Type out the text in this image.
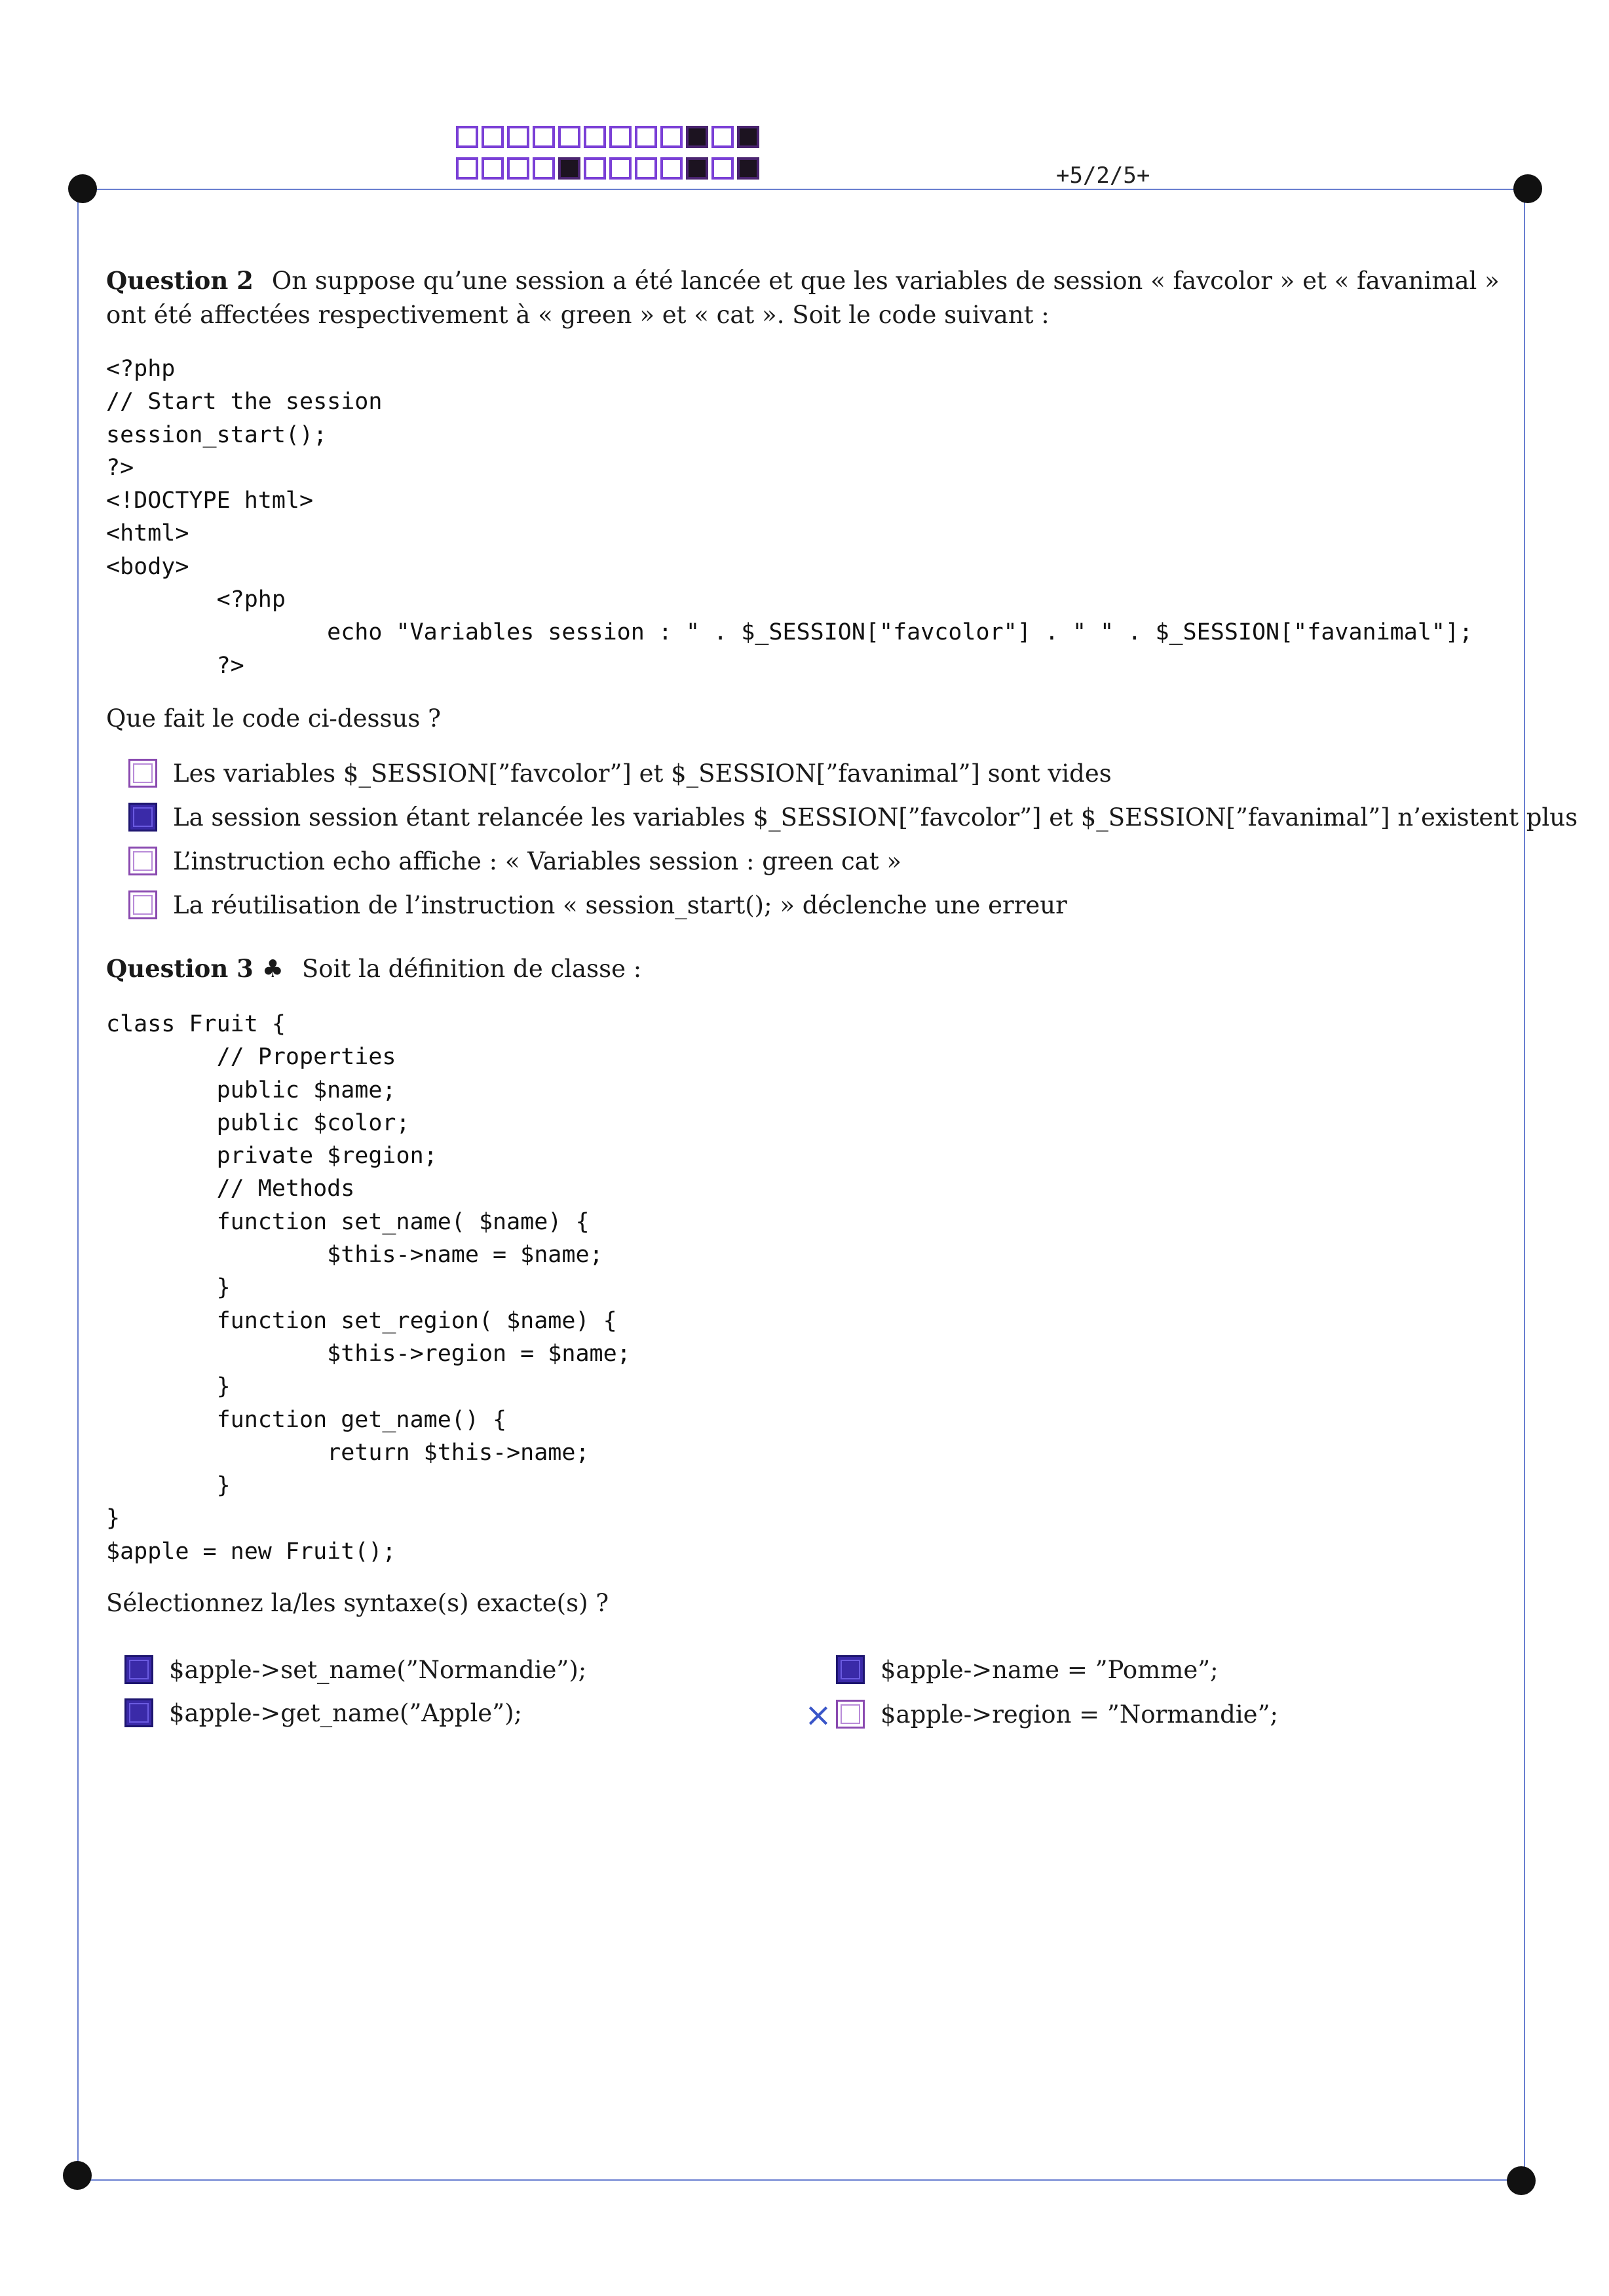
+5/2/5+
Question 2 On suppose qu’une session a été lancée et que les variables de session « favcolor » et « favanimal » ont été affectées respectivement à « green » et « cat ». Soit le code suivant :
<?php
// Start the session
session_start();
?>
<!DOCTYPE html>
<html>
<body>
<?php
echo "Variables session : " . $_SESSION["favcolor"] . " " . $_SESSION["favanimal"];
?>
Que fait le code ci-dessus ?
Les variables $_SESSION[”favcolor”] et $_SESSION[”favanimal”] sont vides
La session session étant relancée les variables $_SESSION[”favcolor”] et $_SESSION[”favanimal”] n’existent plus
L’instruction echo affiche : « Variables session : green cat »
La réutilisation de l’instruction « session_start(); » déclenche une erreur
Question 3 ♣ Soit la définition de classe :
class Fruit {
// Properties
public $name;
public $color;
private $region;
// Methods
function set_name( $name) {
$this->name = $name;
}
function set_region( $name) {
$this->region = $name;
}
function get_name() {
return $this->name;
}
}
$apple = new Fruit();
Sélectionnez la/les syntaxe(s) exacte(s) ?
$apple->set_name(”Normandie”);
$apple->get_name(”Apple”);
$apple->name = ”Pomme”;
$apple->region = ”Normandie”;
×
